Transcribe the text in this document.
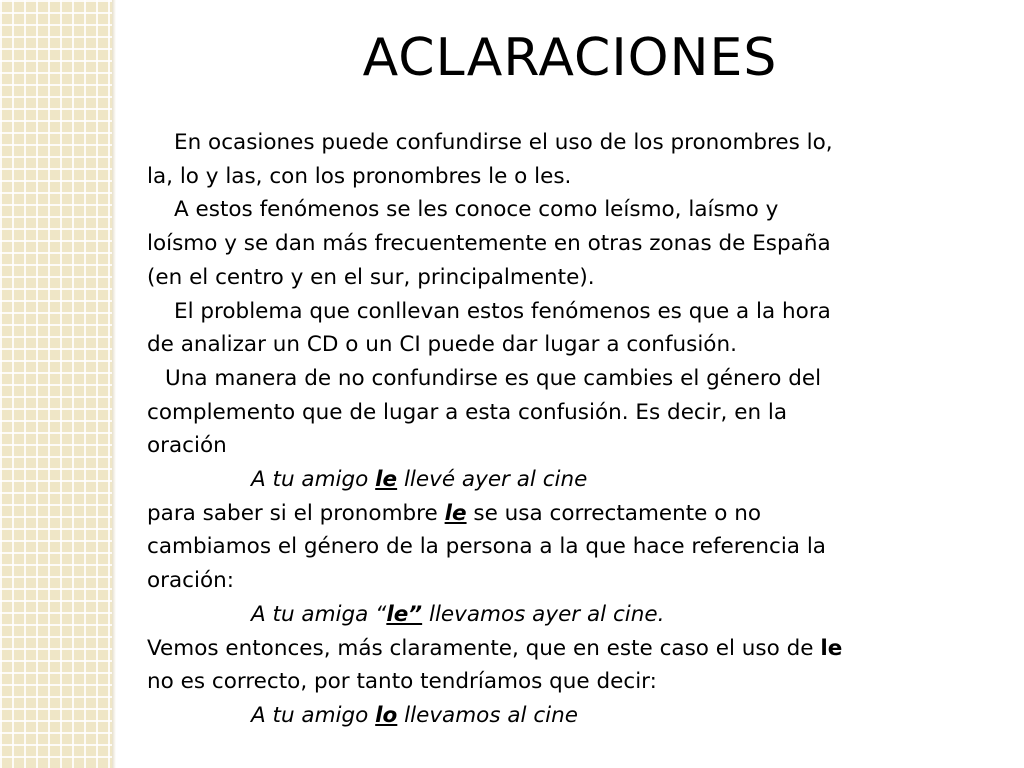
ACLARACIONES

En ocasiones puede confundirse el uso de los pronombres lo,

la, lo y las, con los pronombres le o les.

A estos fenómenos se les conoce como leísmo, laísmo y

loísmo y se dan más frecuentemente en otras zonas de España

(en el centro y en el sur, principalmente).

El problema que conllevan estos fenómenos es que a la hora

de analizar un CD o un CI puede dar lugar a confusión.

Una manera de no confundirse es que cambies el género del

complemento que de lugar a esta confusión. Es decir, en la

oración

A tu amigo le llevé ayer al cine

para saber si el pronombre le se usa correctamente o no

cambiamos el género de la persona a la que hace referencia la

oración:

A tu amiga “le” llevamos ayer al cine.

Vemos entonces, más claramente, que en este caso el uso de le

no es correcto, por tanto tendríamos que decir:

A tu amigo lo llevamos al cine
